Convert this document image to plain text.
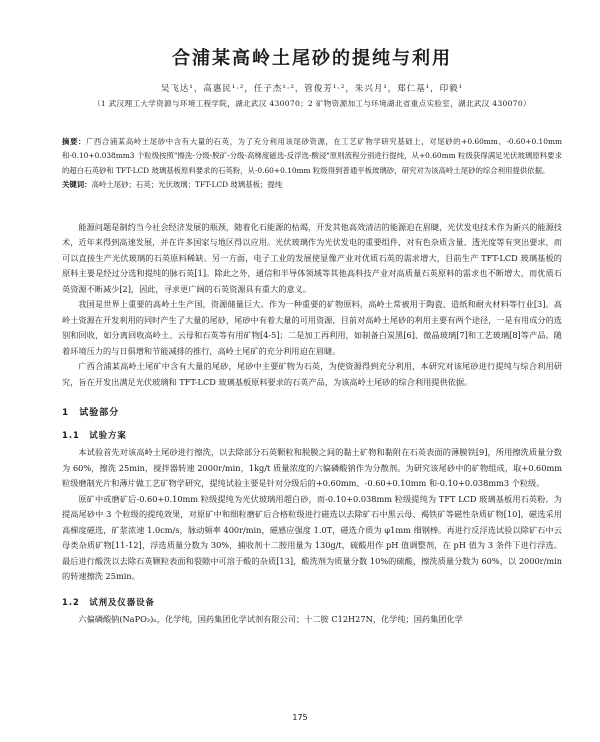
合浦某高岭土尾砂的提纯与利用
吴飞达¹，高惠民¹·²，任子杰¹·²，管俊芳¹·²，朱兴月¹，郑仁基¹，印毅¹
（1 武汉理工大学资源与环境工程学院，湖北武汉 430070；2 矿物资源加工与环境湖北省重点实验室，湖北武汉 430070）
摘要：广西合浦某高岭土尾砂中含有大量的石英，为了充分利用该尾砂资源，在工艺矿物学研究基础上，对尾砂的+0.60mm、-0.60+0.10mm 和-0.10+0.038mm3 个粒级按照"擦洗-分级-脱矿-分级-高梯度磁选-反浮选-酸浸"原则流程分别进行提纯，从+0.60mm 粒级获得满足光伏玻璃原料要求的超白石英砂和 TFT-LCD 玻璃基板原料要求的石英粉，从-0.60+0.10mm 粒级得到普通平板玻璃砂，研究对为该高岭土尾砂的综合利用提供依据。
关键词：高岭土尾砂；石英；光伏玻璃；TFT-LCD 玻璃基板；提纯

能源问题是制约当今社会经济发展的瓶颈，随着化石能源的枯竭，开发其他高效清洁的能源迫在眉睫，光伏发电技术作为新兴的能源技术，近年来得到高速发展，并在许多国家与地区得以应用。光伏玻璃作为光伏发电的重要组件，对有色杂质含量、透光度等有突出要求，而可以直接生产光伏玻璃的石英原料稀缺。另一方面，电子工业的发展使显像产业对优质石英的需求增大，目前生产 TFT-LCD 玻璃基板的原料主要是经过分选和提纯的脉石英[1]。除此之外，通信和半导体领域等其他高科技产业对高质量石英原料的需求也不断增大，而优质石英资源不断减少[2]，因此，寻求更广阔的石英资源具有重大的意义。

我国是世界上重要的高岭土生产国，资源储量巨大。作为一种重要的矿物原料，高岭土常被用于陶瓷、造纸和耐火材料等行业[3]。高岭土资源在开发利用的同时产生了大量的尾砂，尾砂中有着大量的可用资源，目前对高岭土尾砂的利用主要有两个途径，一是有用成分的选别和回收，如分离回收高岭土、云母和石英等有用矿物[4-5]；二是加工再利用，如制备白炭黑[6]、微晶玻璃[7]和工艺玻璃[8]等产品。随着环境压力的与日俱增和节能减排的推行，高岭土尾矿的充分利用迫在眉睫。

广西合浦某高岭土尾矿中含有大量的尾砂，尾砂中主要矿物为石英，为使资源得到充分利用，本研究对该尾砂进行提纯与综合利用研究，旨在开发出满足光伏玻璃和 TFT-LCD 玻璃基板原料要求的石英产品，为该高岭土尾砂的综合利用提供依据。

1　试验部分
1.1　试验方案

本试验首先对该高岭土尾砂进行擦洗，以去除部分石英颗粒和脱膜之间的黏土矿物和黏附在石英表面的薄膜铁[9]，所用擦洗质量分数为 60%，擦洗 25min，搅拌器转速 2000r/min，1kg/t 质量浓度的六偏磷酸钠作为分散剂。为研究该尾砂中的矿物组成，取+0.60mm 粒级磨制光片和薄片做工艺矿物学研究，提纯试验主要是针对分级后的+0.60mm、-0.60+0.10mm 和-0.10+0.038mm3 个粒级。

原矿中或磨矿后-0.60+0.10mm 粒级提纯为光伏玻璃用超白砂，而-0.10+0.038mm 粒级提纯为 TFT LCD 玻璃基板用石英粉。为提高尾砂中 3 个粒级的提纯效果，对原矿中和细粒磨矿后合格粒级进行磁选以去除矿石中黑云母、褐铁矿等磁性杂质矿物[10]，磁选采用高梯度磁选，矿浆浓速 1.0cm/s，脉动频率 400r/min，磁感应强度 1.0T，磁选介质为 φ1mm 细钢棒。再进行反浮选试验以除矿石中云母类杂质矿物[11-12]，浮选质量分数为 30%，捕收剂十二胺用量为 130g/t，硫酸用作 pH 值调整剂，在 pH 值为 3 条件下进行浮选。最后进行酸洗以去除石英颗粒表面和裂隙中可溶于酸的杂质[13]，酸洗剂为质量分数 10%的硫酸，擦洗质量分数为 60%，以 2000r/min 的转速擦洗 25min。

1.2　试剂及仪器设备

六偏磷酸钠(NaPO₃)ₙ，化学纯，国药集团化学试剂有限公司；十二胺 C12H27N，化学纯；国药集团化学

175
